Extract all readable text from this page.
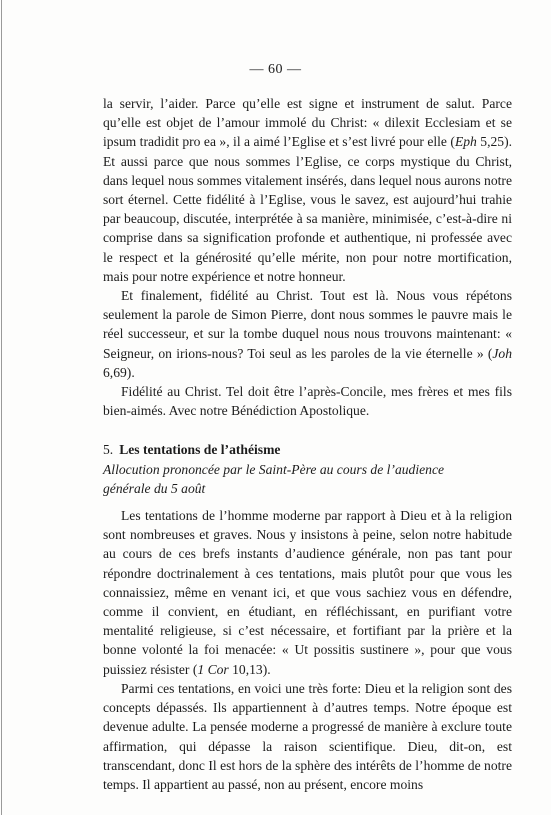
— 60 —

la servir, l’aider. Parce qu’elle est signe et instrument de salut. Parce qu’elle est objet de l’amour immolé du Christ: « dilexit Ecclesiam et se ipsum tradidit pro ea », il a aimé l’Eglise et s’est livré pour elle (Eph 5,25). Et aussi parce que nous sommes l’Eglise, ce corps mystique du Christ, dans lequel nous sommes vitalement insérés, dans lequel nous aurons notre sort éternel. Cette fidélité à l’Eglise, vous le savez, est aujourd’hui trahie par beaucoup, discutée, interprétée à sa manière, minimisée, c’est-à-dire ni comprise dans sa signification profonde et authentique, ni professée avec le respect et la générosité qu’elle mérite, non pour notre mortification, mais pour notre expérience et notre honneur.

Et finalement, fidélité au Christ. Tout est là. Nous vous répétons seulement la parole de Simon Pierre, dont nous sommes le pauvre mais le réel successeur, et sur la tombe duquel nous nous trouvons maintenant: « Seigneur, on irions-nous? Toi seul as les paroles de la vie éternelle » (Joh 6,69).

Fidélité au Christ. Tel doit être l’après-Concile, mes frères et mes fils bien-aimés. Avec notre Bénédiction Apostolique.

5. Les tentations de l’athéisme

Allocution prononcée par le Saint-Père au cours de l’audience
générale du 5 août

Les tentations de l’homme moderne par rapport à Dieu et à la religion sont nombreuses et graves. Nous y insistons à peine, selon notre habitude au cours de ces brefs instants d’audience générale, non pas tant pour répondre doctrinalement à ces tentations, mais plutôt pour que vous les connaissiez, même en venant ici, et que vous sachiez vous en défendre, comme il convient, en étudiant, en réfléchissant, en purifiant votre mentalité religieuse, si c’est nécessaire, et fortifiant par la prière et la bonne volonté la foi menacée: « Ut possitis sustinere », pour que vous puissiez résister (1 Cor 10,13).

Parmi ces tentations, en voici une très forte: Dieu et la religion sont des concepts dépassés. Ils appartiennent à d’autres temps. Notre époque est devenue adulte. La pensée moderne a progressé de manière à exclure toute affirmation, qui dépasse la raison scientifique. Dieu, dit-on, est transcendant, donc Il est hors de la sphère des intérêts de l’homme de notre temps. Il appartient au passé, non au présent, encore moins
